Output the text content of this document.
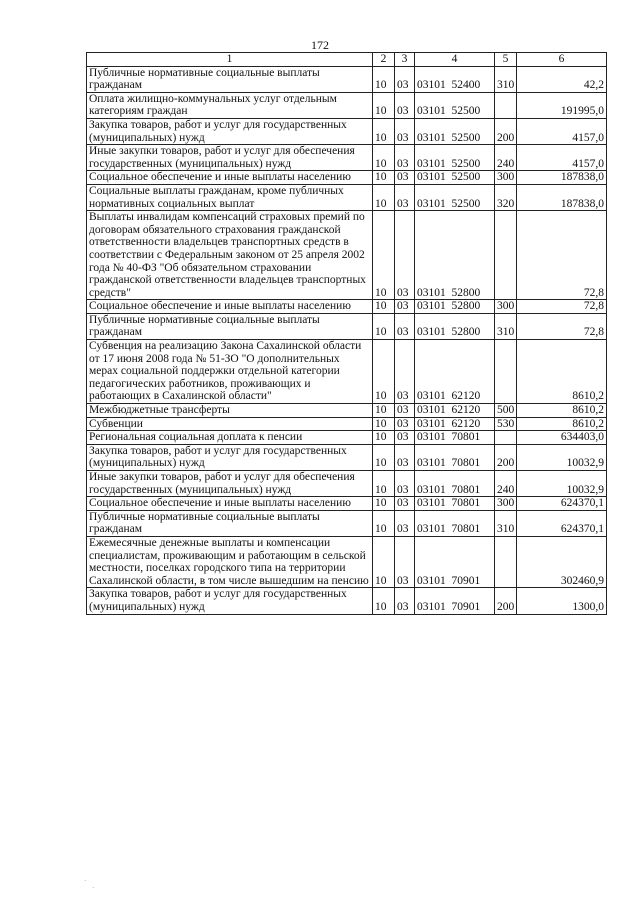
172
1	2	3	4	5	6
Публичные нормативные социальные выплаты гражданам	10	03	03101  52400	310	42,2
Оплата жилищно-коммунальных услуг отдельным категориям граждан	10	03	03101  52500		191995,0
Закупка товаров, работ и услуг для государственных (муниципальных) нужд	10	03	03101  52500	200	4157,0
Иные закупки товаров, работ и услуг для обеспечения государственных (муниципальных) нужд	10	03	03101  52500	240	4157,0
Социальное обеспечение и иные выплаты населению	10	03	03101  52500	300	187838,0
Социальные выплаты гражданам, кроме публичных нормативных социальных выплат	10	03	03101  52500	320	187838,0
Выплаты инвалидам компенсаций страховых премий по договорам обязательного страхования гражданской ответственности владельцев транспортных средств в соответствии с Федеральным законом от 25 апреля 2002 года № 40-ФЗ "Об обязательном страховании гражданской ответственности владельцев транспортных средств"	10	03	03101  52800		72,8
Социальное обеспечение и иные выплаты населению	10	03	03101  52800	300	72,8
Публичные нормативные социальные выплаты гражданам	10	03	03101  52800	310	72,8
Субвенция на реализацию Закона Сахалинской области от 17 июня 2008 года № 51-ЗО "О дополнительных мерах социальной поддержки отдельной категории педагогических работников, проживающих и работающих в Сахалинской области"	10	03	03101  62120		8610,2
Межбюджетные трансферты	10	03	03101  62120	500	8610,2
Субвенции	10	03	03101  62120	530	8610,2
Региональная социальная доплата к пенсии	10	03	03101  70801		634403,0
Закупка товаров, работ и услуг для государственных (муниципальных) нужд	10	03	03101  70801	200	10032,9
Иные закупки товаров, работ и услуг для обеспечения государственных (муниципальных) нужд	10	03	03101  70801	240	10032,9
Социальное обеспечение и иные выплаты населению	10	03	03101  70801	300	624370,1
Публичные нормативные социальные выплаты гражданам	10	03	03101  70801	310	624370,1
Ежемесячные денежные выплаты и компенсации специалистам, проживающим и работающим в сельской местности, поселках городского типа на территории Сахалинской области, в том числе вышедшим на пенсию	10	03	03101  70901		302460,9
Закупка товаров, работ и услуг для государственных (муниципальных) нужд	10	03	03101  70901	200	1300,0
·
·
